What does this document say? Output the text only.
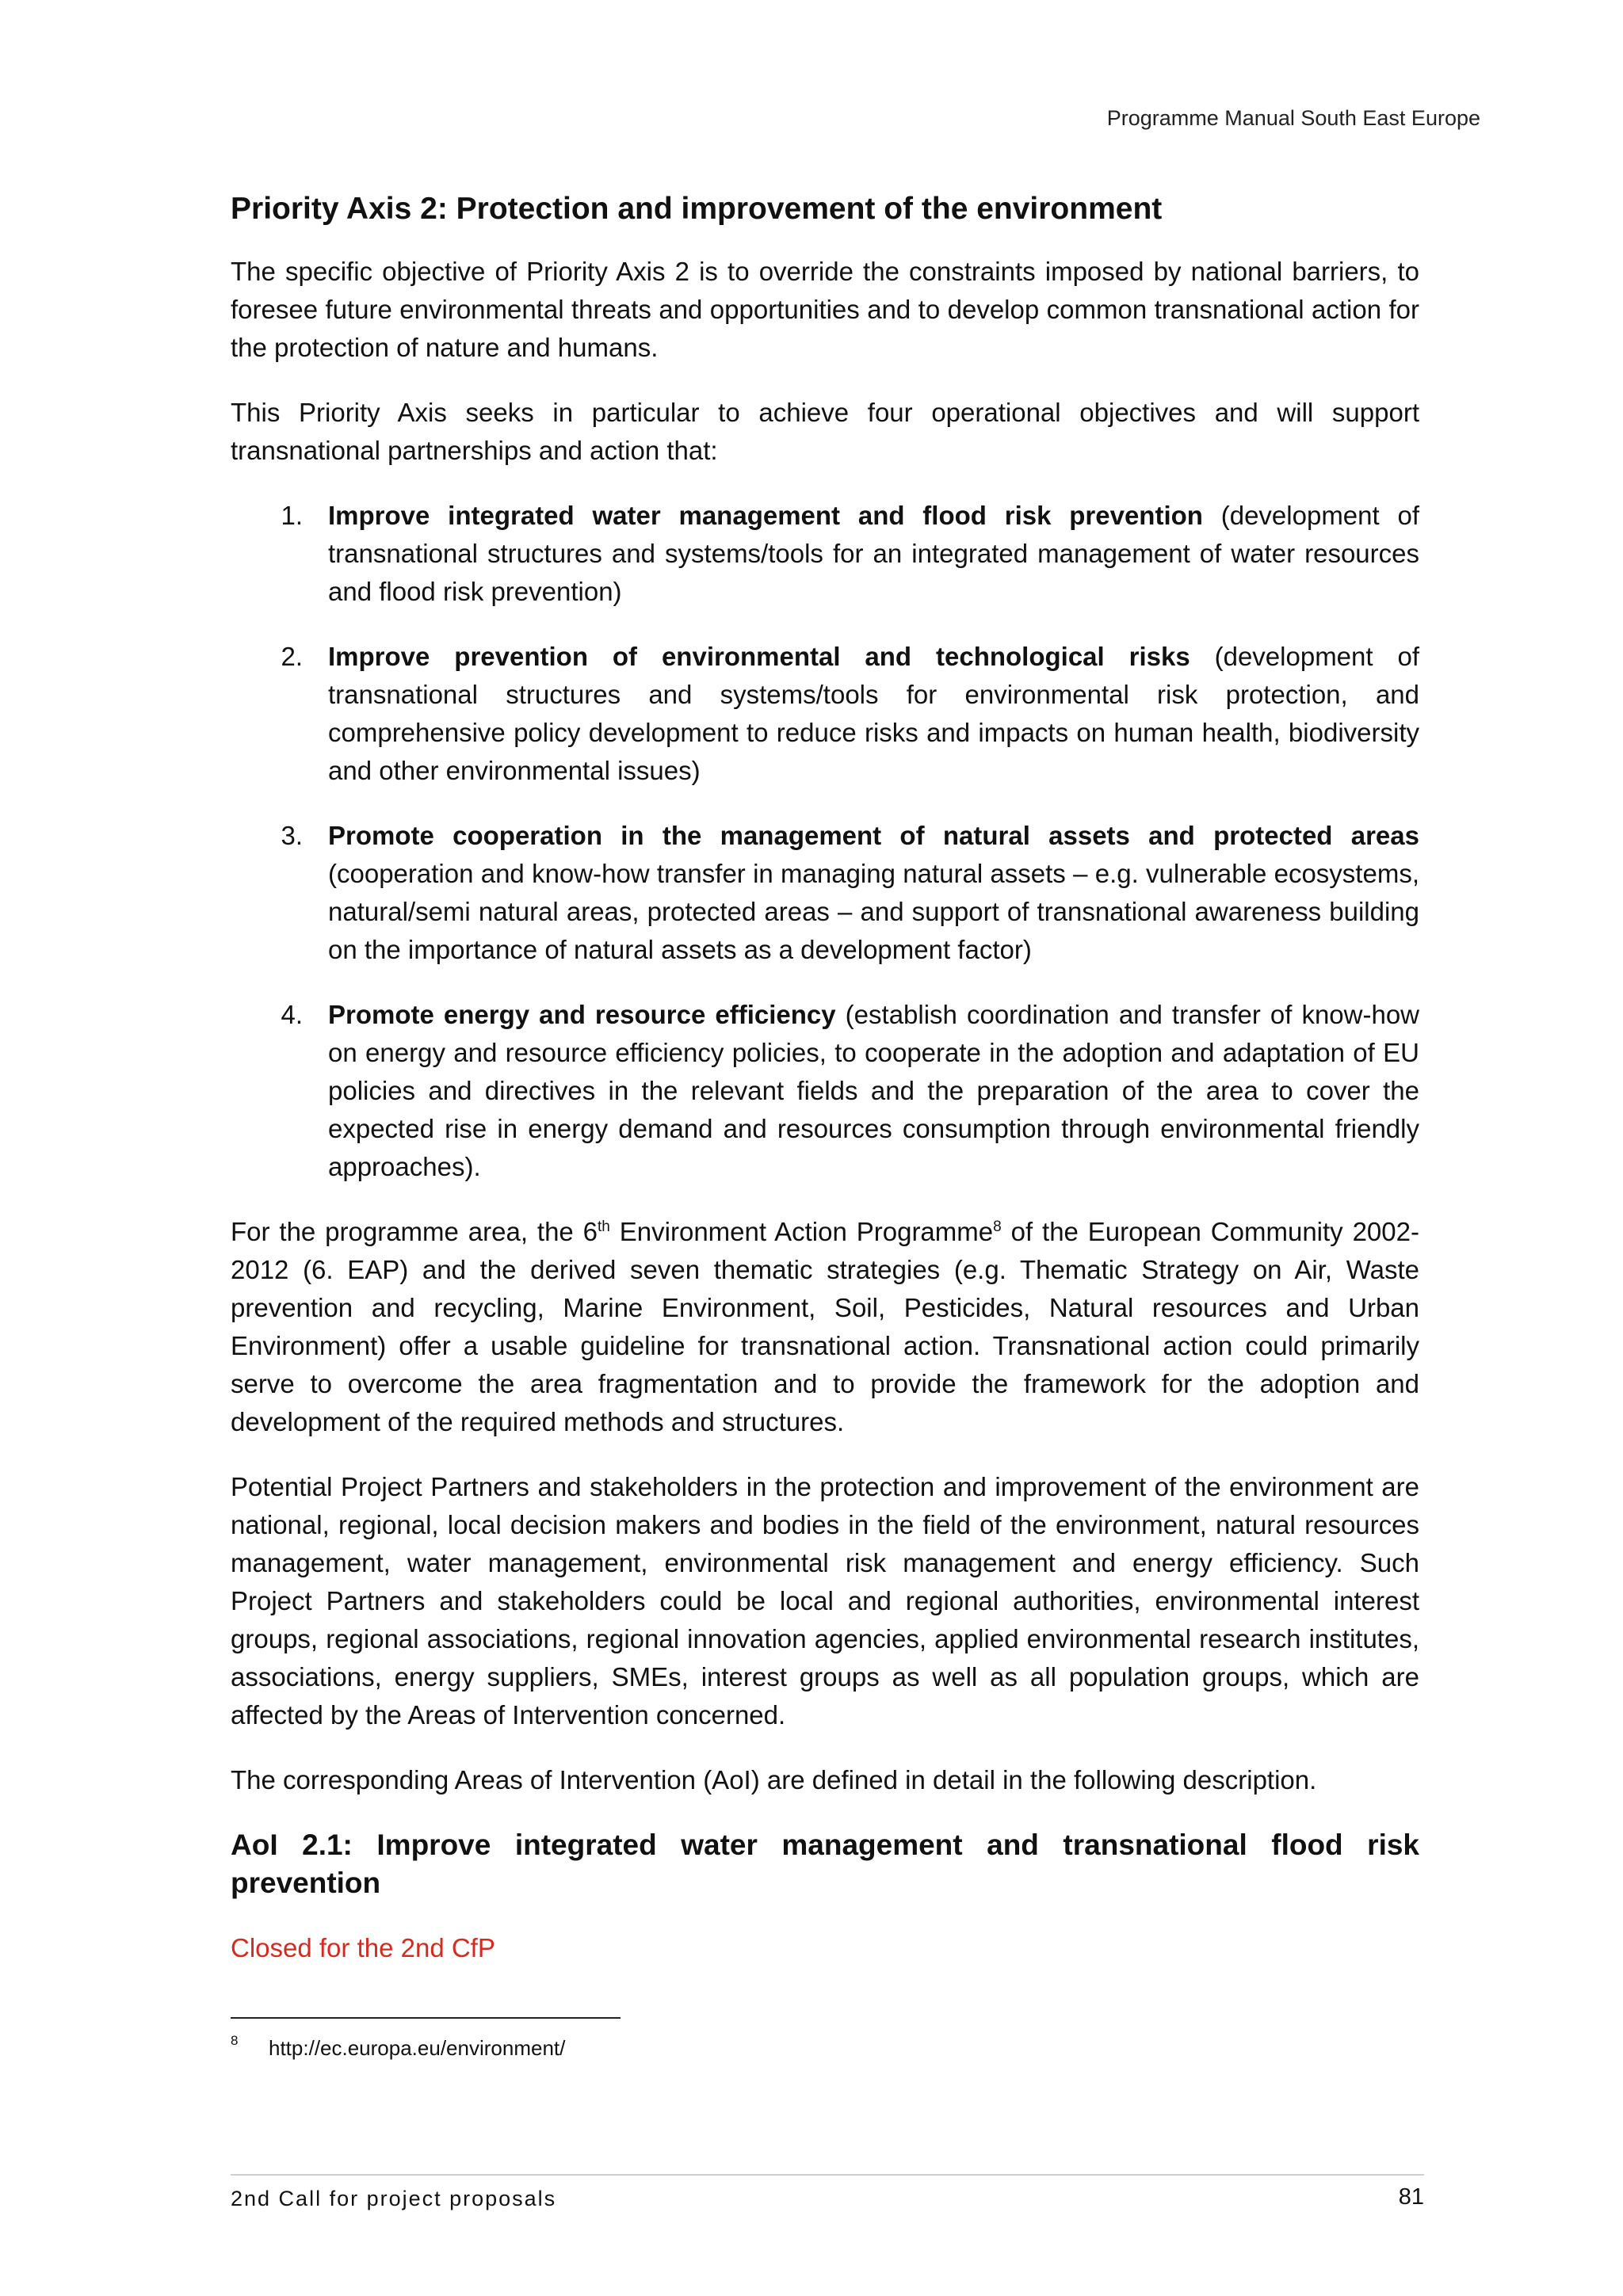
Programme Manual South East Europe
Priority Axis 2: Protection and improvement of the environment

The specific objective of Priority Axis 2 is to override the constraints imposed by national barriers, to foresee future environmental threats and opportunities and to develop common transnational action for the protection of nature and humans.

This Priority Axis seeks in particular to achieve four operational objectives and will support transnational partnerships and action that:

1. Improve integrated water management and flood risk prevention (development of transnational structures and systems/tools for an integrated management of water resources and flood risk prevention)
2. Improve prevention of environmental and technological risks (development of transnational structures and systems/tools for environmental risk protection, and comprehensive policy development to reduce risks and impacts on human health, biodiversity and other environmental issues)
3. Promote cooperation in the management of natural assets and protected areas (cooperation and know-how transfer in managing natural assets – e.g. vulnerable ecosystems, natural/semi natural areas, protected areas – and support of transnational awareness building on the importance of natural assets as a development factor)
4. Promote energy and resource efficiency (establish coordination and transfer of know-how on energy and resource efficiency policies, to cooperate in the adoption and adaptation of EU policies and directives in the relevant fields and the preparation of the area to cover the expected rise in energy demand and resources consumption through environmental friendly approaches).

For the programme area, the 6th Environment Action Programme$^8$ of the European Community 2002-2012 (6. EAP) and the derived seven thematic strategies (e.g. Thematic Strategy on Air, Waste prevention and recycling, Marine Environment, Soil, Pesticides, Natural resources and Urban Environment) offer a usable guideline for transnational action. Transnational action could primarily serve to overcome the area fragmentation and to provide the framework for the adoption and development of the required methods and structures.

Potential Project Partners and stakeholders in the protection and improvement of the environment are national, regional, local decision makers and bodies in the field of the environment, natural resources management, water management, environmental risk management and energy efficiency. Such Project Partners and stakeholders could be local and regional authorities, environmental interest groups, regional associations, regional innovation agencies, applied environmental research institutes, associations, energy suppliers, SMEs, interest groups as well as all population groups, which are affected by the Areas of Intervention concerned.

The corresponding Areas of Intervention (AoI) are defined in detail in the following description.

AoI 2.1: Improve integrated water management and transnational flood risk prevention

Closed for the 2nd CfP

8	http://ec.europa.eu/environment/
2nd Call for project proposals	81
